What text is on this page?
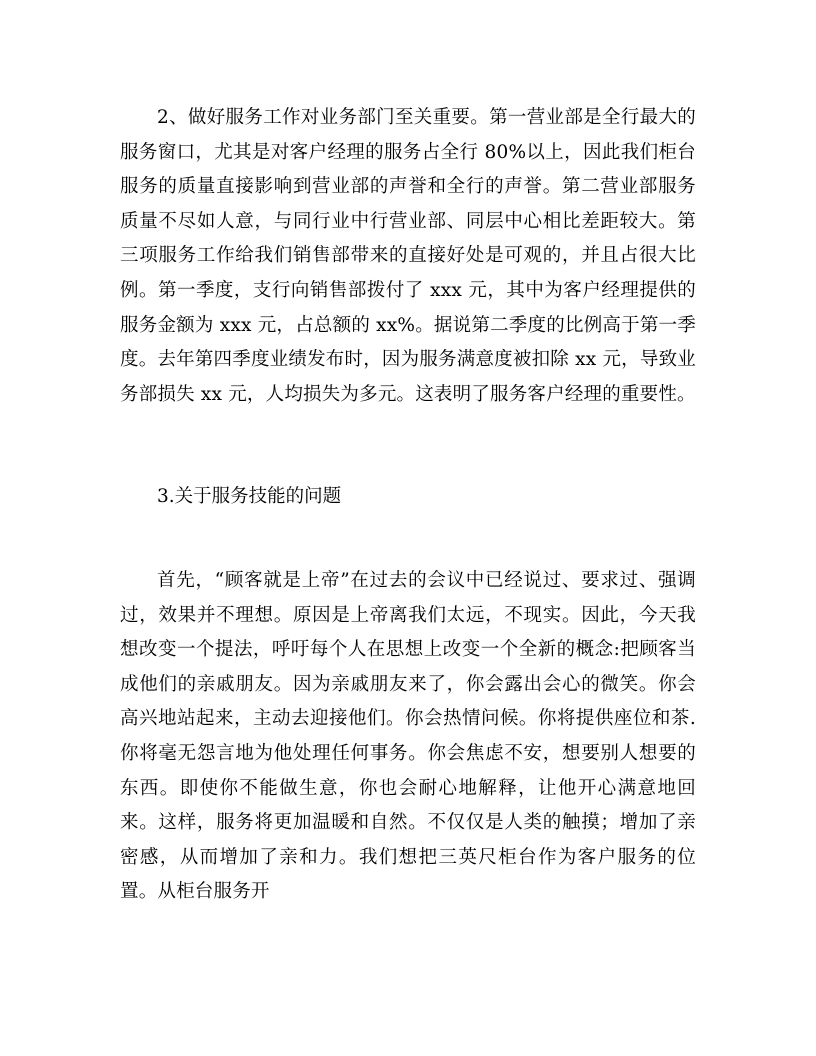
2、做好服务工作对业务部门至关重要。第一营业部是全行最大的服务窗口，尤其是对客户经理的服务占全行 80%以上，因此我们柜台服务的质量直接影响到营业部的声誉和全行的声誉。第二营业部服务质量不尽如人意，与同行业中行营业部、同层中心相比差距较大。第三项服务工作给我们销售部带来的直接好处是可观的，并且占很大比例。第一季度，支行向销售部拨付了 xxx 元，其中为客户经理提供的服务金额为 xxx 元，占总额的 xx%。据说第二季度的比例高于第一季度。去年第四季度业绩发布时，因为服务满意度被扣除 xx 元，导致业务部损失 xx 元，人均损失为多元。这表明了服务客户经理的重要性。

3.关于服务技能的问题

首先，“顾客就是上帝”在过去的会议中已经说过、要求过、强调过，效果并不理想。原因是上帝离我们太远，不现实。因此，今天我想改变一个提法，呼吁每个人在思想上改变一个全新的概念:把顾客当成他们的亲戚朋友。因为亲戚朋友来了，你会露出会心的微笑。你会高兴地站起来，主动去迎接他们。你会热情问候。你将提供座位和茶.你将毫无怨言地为他处理任何事务。你会焦虑不安，想要别人想要的东西。即使你不能做生意，你也会耐心地解释，让他开心满意地回来。这样，服务将更加温暖和自然。不仅仅是人类的触摸；增加了亲密感，从而增加了亲和力。我们想把三英尺柜台作为客户服务的位置。从柜台服务开
